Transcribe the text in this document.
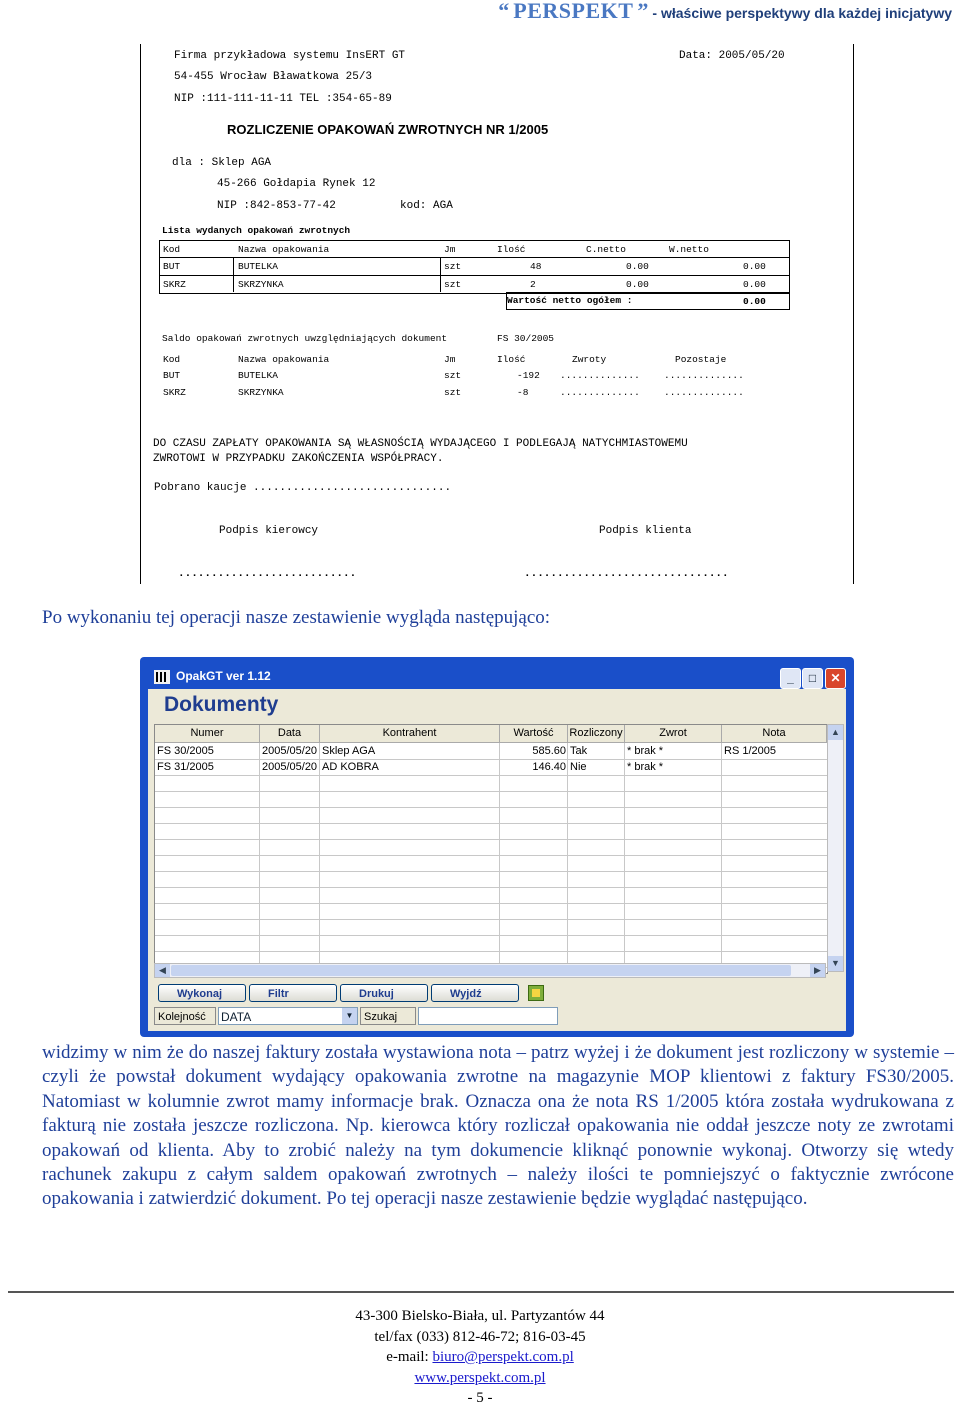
“ PERSPEKT ” - właściwe perspektywy dla każdej inicjatywy
Firma przykładowa systemu InsERT GT	Data: 2005/05/20
54-455 Wrocław Bławatkowa 25/3
NIP :111-111-11-11 TEL :354-65-89
ROZLICZENIE OPAKOWAŃ ZWROTNYCH NR 1/2005
dla : Sklep AGA
45-266 Gołdapia Rynek 12
NIP :842-853-77-42	kod: AGA
Lista wydanych opakowań zwrotnych
Kod	Nazwa opakowania	Jm	Ilość	C.netto	W.netto
BUT	BUTELKA	szt	48	0.00	0.00
SKRZ	SKRZYNKA	szt	2	0.00	0.00
Wartość netto ogółem :	0.00
Saldo opakowań zwrotnych uwzględniających dokument	FS 30/2005
Kod	Nazwa opakowania	Jm	Ilość	Zwroty	Pozostaje
BUT	BUTELKA	szt	-192 ..............	..............
SKRZ	SKRZYNKA	szt	-8	..............	..............
DO CZASU ZAPŁATY OPAKOWANIA SĄ WŁASNOŚCIĄ WYDAJĄCEGO I PODLEGAJĄ NATYCHMIASTOWEMU
ZWROTOWI W PRZYPADKU ZAKOŃCZENIA WSPÓŁPRACY.
Pobrano kaucje ..............................
Podpis kierowcy	Podpis klienta
...........................	...............................
Po wykonaniu tej operacji nasze zestawienie wygląda następująco:
OpakGT ver 1.12	_	□	✕
Dokumenty
Numer	Data	Kontrahent	Wartość	Rozliczony	Zwrot	Nota
FS 30/2005	2005/05/20 Sklep AGA	585.60 Tak	* brak *	RS 1/2005
FS 31/2005	2005/05/20 AD KOBRA	146.40 Nie	* brak *
▲
▼
◀	▶
Wykonaj	Filtr	Drukuj	Wyjdź
Kolejność	DATA	▼ Szukaj
widzimy w nim że do naszej faktury została wystawiona nota – patrz wyżej i że dokument jest rozliczony w systemie – czyli że powstał dokument wydający opakowania zwrotne na magazynie MOP klientowi z faktury FS30/2005. Natomiast w kolumnie zwrot mamy informacje brak. Oznacza ona że nota RS 1/2005 która została wydrukowana z fakturą nie została jeszcze rozliczona. Np. kierowca który rozliczał opakowania nie oddał jeszcze noty ze zwrotami opakowań od klienta. Aby to zrobić należy na tym dokumencie kliknąć ponownie wykonaj. Otworzy się wtedy rachunek zakupu z całym saldem opakowań zwrotnych – należy ilości te pomniejszyć o faktycznie zwrócone opakowania i zatwierdzić dokument. Po tej operacji nasze zestawienie będzie wyglądać następująco.
43-300 Bielsko-Biała, ul. Partyzantów 44
tel/fax (033) 812-46-72; 816-03-45
e-mail: biuro@perspekt.com.pl
www.perspekt.com.pl
- 5 -
